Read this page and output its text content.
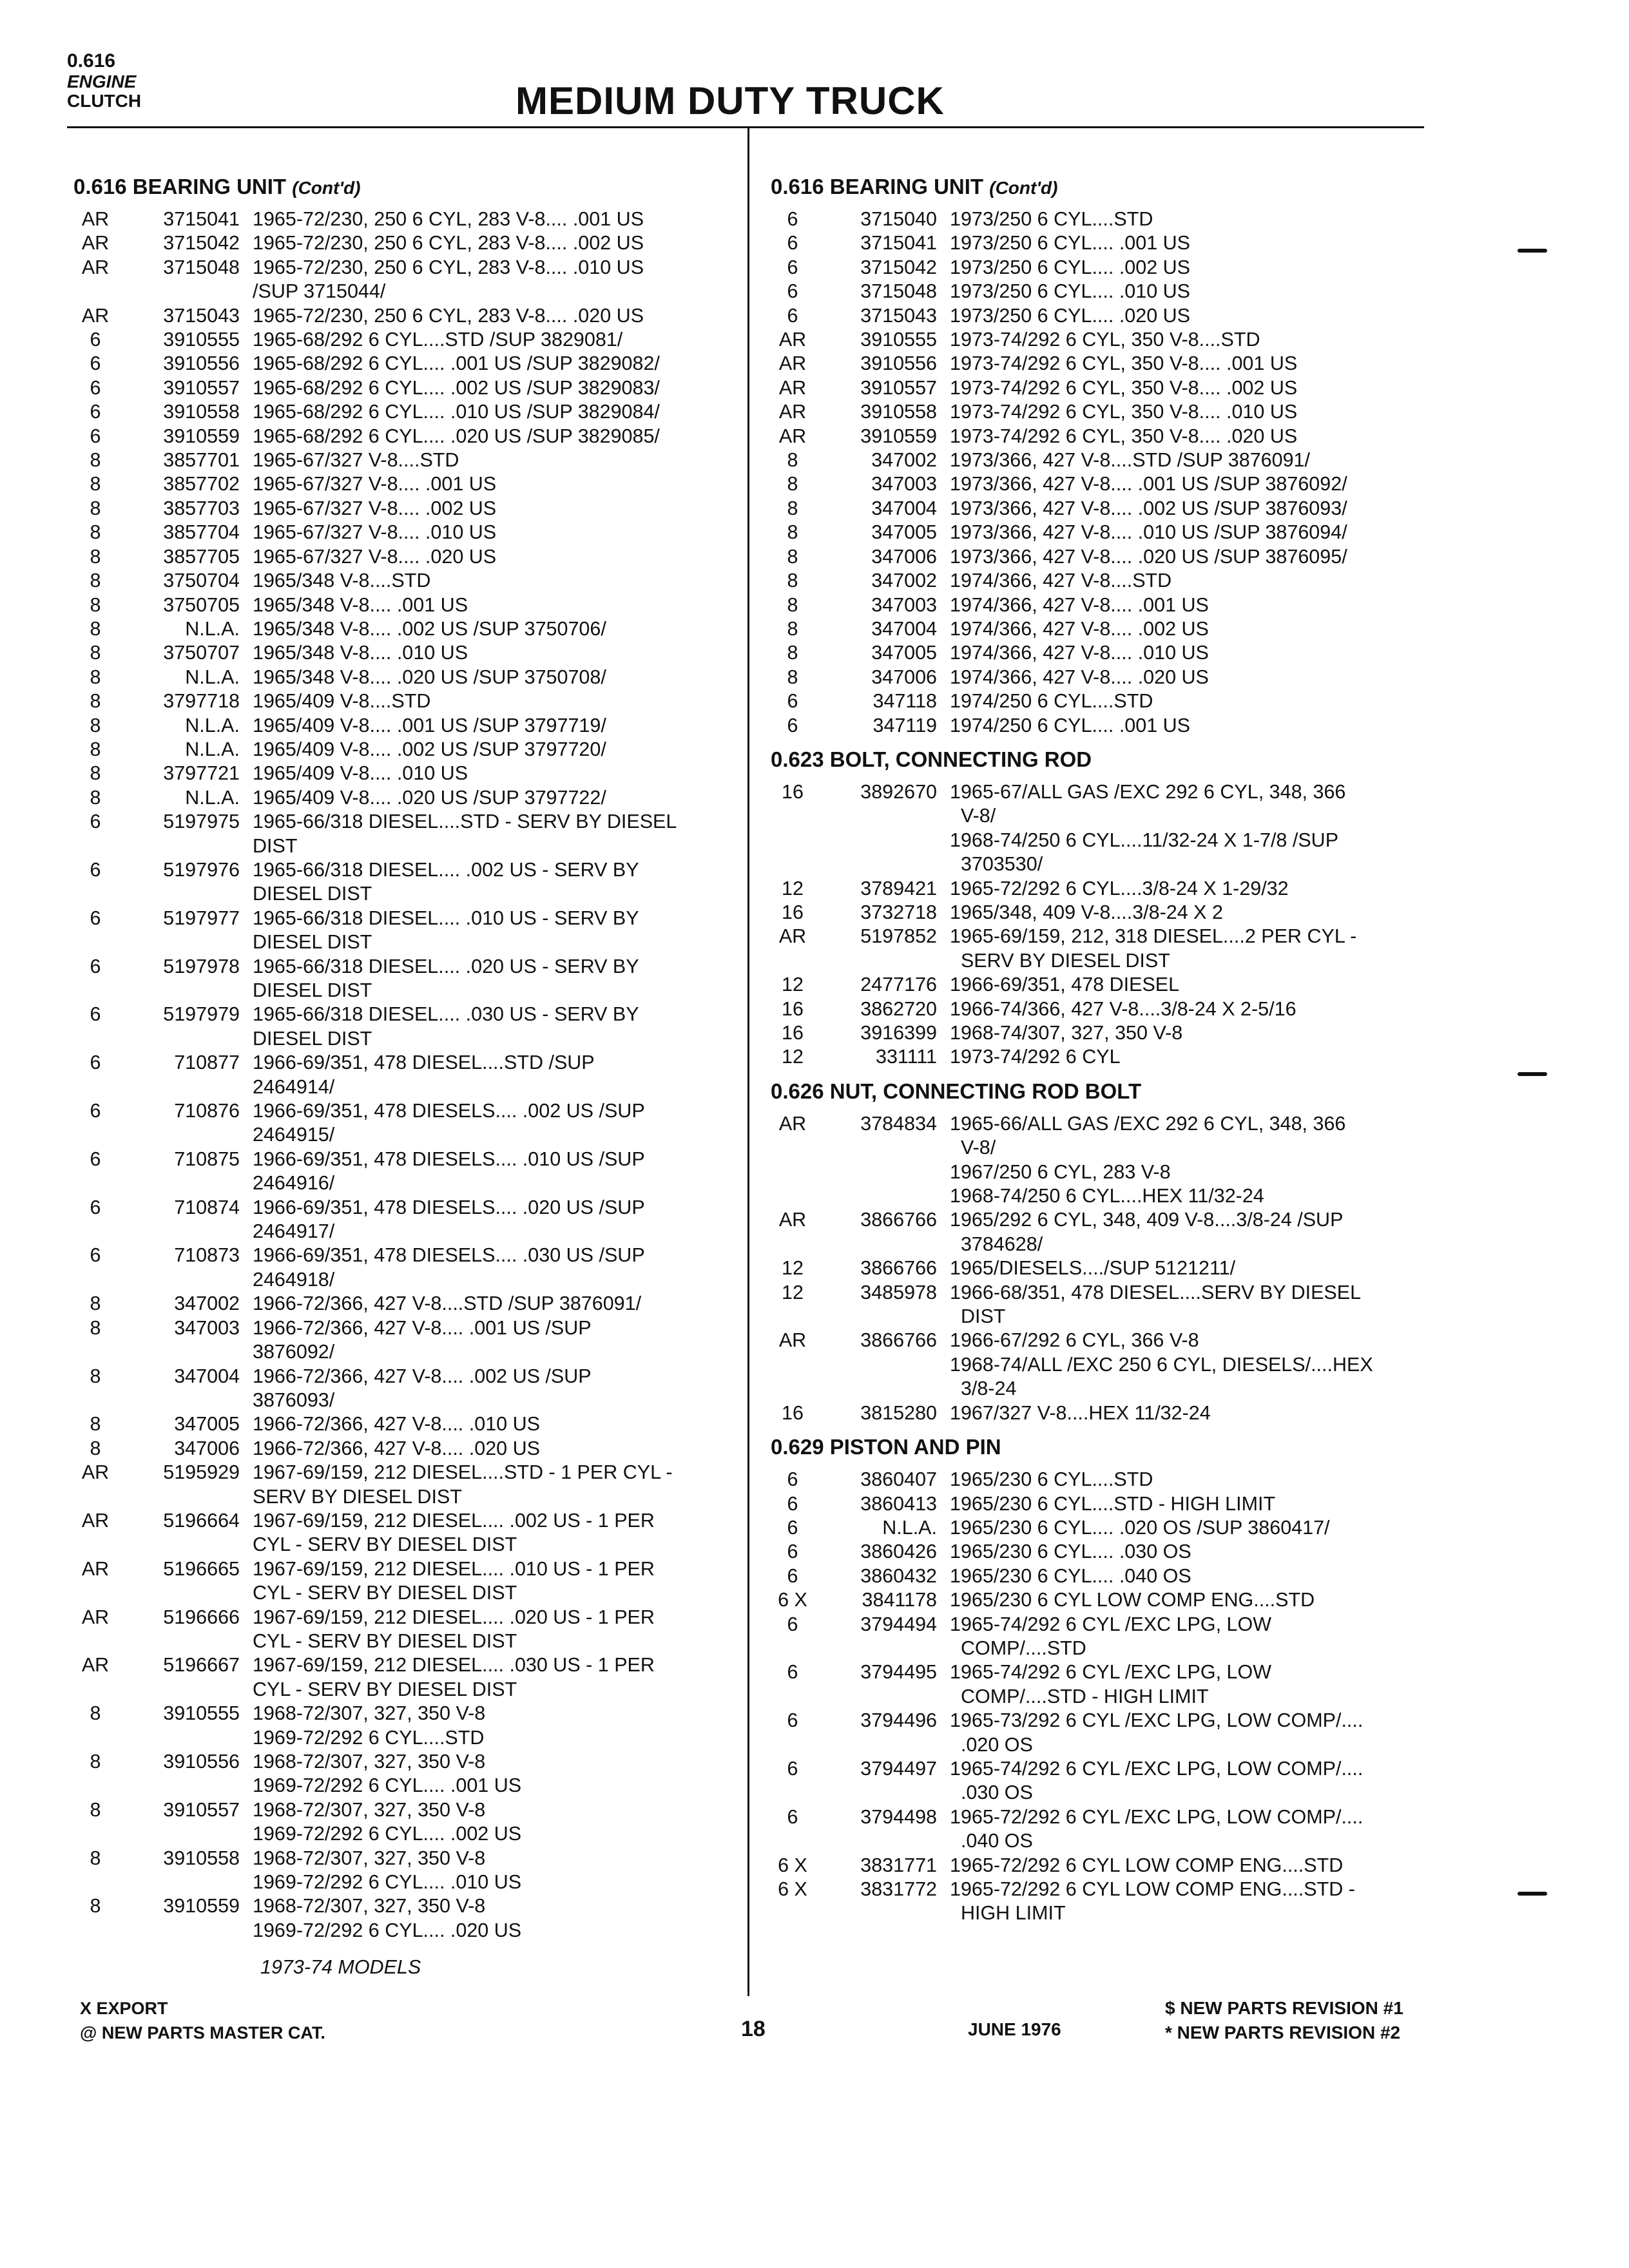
0.616
ENGINE
CLUTCH	MEDIUM DUTY TRUCK
0.616 BEARING UNIT (Cont'd)
AR	3715041 1965-72/230, 250 6 CYL, 283 V-8.... .001 US
AR	3715042 1965-72/230, 250 6 CYL, 283 V-8.... .002 US
AR	3715048 1965-72/230, 250 6 CYL, 283 V-8.... .010 US
/SUP 3715044/
AR	3715043 1965-72/230, 250 6 CYL, 283 V-8.... .020 US
6	3910555 1965-68/292 6 CYL....STD /SUP 3829081/
6	3910556 1965-68/292 6 CYL.... .001 US /SUP 3829082/
6	3910557 1965-68/292 6 CYL.... .002 US /SUP 3829083/
6	3910558 1965-68/292 6 CYL.... .010 US /SUP 3829084/
6	3910559 1965-68/292 6 CYL.... .020 US /SUP 3829085/
8	3857701 1965-67/327 V-8....STD
8	3857702 1965-67/327 V-8.... .001 US
8	3857703 1965-67/327 V-8.... .002 US
8	3857704 1965-67/327 V-8.... .010 US
8	3857705 1965-67/327 V-8.... .020 US
8	3750704 1965/348 V-8....STD
8	3750705 1965/348 V-8.... .001 US
8	N.L.A. 1965/348 V-8.... .002 US /SUP 3750706/
8	3750707 1965/348 V-8.... .010 US
8	N.L.A. 1965/348 V-8.... .020 US /SUP 3750708/
8	3797718 1965/409 V-8....STD
8	N.L.A. 1965/409 V-8.... .001 US /SUP 3797719/
8	N.L.A. 1965/409 V-8.... .002 US /SUP 3797720/
8	3797721 1965/409 V-8.... .010 US
8	N.L.A. 1965/409 V-8.... .020 US /SUP 3797722/
6	5197975 1965-66/318 DIESEL....STD - SERV BY DIESEL
DIST
6	5197976 1965-66/318 DIESEL.... .002 US - SERV BY
DIESEL DIST
6	5197977 1965-66/318 DIESEL.... .010 US - SERV BY
DIESEL DIST
6	5197978 1965-66/318 DIESEL.... .020 US - SERV BY
DIESEL DIST
6	5197979 1965-66/318 DIESEL.... .030 US - SERV BY
DIESEL DIST
6	710877 1966-69/351, 478 DIESEL....STD /SUP
2464914/
6	710876 1966-69/351, 478 DIESELS.... .002 US /SUP
2464915/
6	710875 1966-69/351, 478 DIESELS.... .010 US /SUP
2464916/
6	710874 1966-69/351, 478 DIESELS.... .020 US /SUP
2464917/
6	710873 1966-69/351, 478 DIESELS.... .030 US /SUP
2464918/
8	347002 1966-72/366, 427 V-8....STD /SUP 3876091/
8	347003 1966-72/366, 427 V-8.... .001 US /SUP
3876092/
8	347004 1966-72/366, 427 V-8.... .002 US /SUP
3876093/
8	347005 1966-72/366, 427 V-8.... .010 US
8	347006 1966-72/366, 427 V-8.... .020 US
AR	5195929 1967-69/159, 212 DIESEL....STD - 1 PER CYL -
SERV BY DIESEL DIST
AR	5196664 1967-69/159, 212 DIESEL.... .002 US - 1 PER
CYL - SERV BY DIESEL DIST
AR	5196665 1967-69/159, 212 DIESEL.... .010 US - 1 PER
CYL - SERV BY DIESEL DIST
AR	5196666 1967-69/159, 212 DIESEL.... .020 US - 1 PER
CYL - SERV BY DIESEL DIST
AR	5196667 1967-69/159, 212 DIESEL.... .030 US - 1 PER
CYL - SERV BY DIESEL DIST
8	3910555 1968-72/307, 327, 350 V-8
1969-72/292 6 CYL....STD
8	3910556 1968-72/307, 327, 350 V-8
1969-72/292 6 CYL.... .001 US
8	3910557 1968-72/307, 327, 350 V-8
1969-72/292 6 CYL.... .002 US
8	3910558 1968-72/307, 327, 350 V-8
1969-72/292 6 CYL.... .010 US
8	3910559 1968-72/307, 327, 350 V-8
1969-72/292 6 CYL.... .020 US
1973-74 MODELS
0.616 BEARING UNIT (Cont'd)
6	3715040 1973/250 6 CYL....STD
6	3715041 1973/250 6 CYL.... .001 US
6	3715042 1973/250 6 CYL.... .002 US
6	3715048 1973/250 6 CYL.... .010 US
6	3715043 1973/250 6 CYL.... .020 US
AR	3910555 1973-74/292 6 CYL, 350 V-8....STD
AR	3910556 1973-74/292 6 CYL, 350 V-8.... .001 US
AR	3910557 1973-74/292 6 CYL, 350 V-8.... .002 US
AR	3910558 1973-74/292 6 CYL, 350 V-8.... .010 US
AR	3910559 1973-74/292 6 CYL, 350 V-8.... .020 US
8	347002 1973/366, 427 V-8....STD /SUP 3876091/
8	347003 1973/366, 427 V-8.... .001 US /SUP 3876092/
8	347004 1973/366, 427 V-8.... .002 US /SUP 3876093/
8	347005 1973/366, 427 V-8.... .010 US /SUP 3876094/
8	347006 1973/366, 427 V-8.... .020 US /SUP 3876095/
8	347002 1974/366, 427 V-8....STD
8	347003 1974/366, 427 V-8.... .001 US
8	347004 1974/366, 427 V-8.... .002 US
8	347005 1974/366, 427 V-8.... .010 US
8	347006 1974/366, 427 V-8.... .020 US
6	347118 1974/250 6 CYL....STD
6	347119 1974/250 6 CYL.... .001 US
0.623 BOLT, CONNECTING ROD
16	3892670 1965-67/ALL GAS /EXC 292 6 CYL, 348, 366
V-8/
1968-74/250 6 CYL....11/32-24 X 1-7/8 /SUP
3703530/
12	3789421 1965-72/292 6 CYL....3/8-24 X 1-29/32
16	3732718 1965/348, 409 V-8....3/8-24 X 2
AR	5197852 1965-69/159, 212, 318 DIESEL....2 PER CYL -
SERV BY DIESEL DIST
12	2477176 1966-69/351, 478 DIESEL
16	3862720 1966-74/366, 427 V-8....3/8-24 X 2-5/16
16	3916399 1968-74/307, 327, 350 V-8
12	331111 1973-74/292 6 CYL
0.626 NUT, CONNECTING ROD BOLT
AR	3784834 1965-66/ALL GAS /EXC 292 6 CYL, 348, 366
V-8/
1967/250 6 CYL, 283 V-8
1968-74/250 6 CYL....HEX 11/32-24
AR	3866766 1965/292 6 CYL, 348, 409 V-8....3/8-24 /SUP
3784628/
12	3866766 1965/DIESELS..../SUP 5121211/
12	3485978 1966-68/351, 478 DIESEL....SERV BY DIESEL
DIST
AR	3866766 1966-67/292 6 CYL, 366 V-8
1968-74/ALL /EXC 250 6 CYL, DIESELS/....HEX
3/8-24
16	3815280 1967/327 V-8....HEX 11/32-24
0.629 PISTON AND PIN
6	3860407 1965/230 6 CYL....STD
6	3860413 1965/230 6 CYL....STD - HIGH LIMIT
6	N.L.A. 1965/230 6 CYL.... .020 OS /SUP 3860417/
6	3860426 1965/230 6 CYL.... .030 OS
6	3860432 1965/230 6 CYL.... .040 OS
6 X	3841178 1965/230 6 CYL LOW COMP ENG....STD
6	3794494 1965-74/292 6 CYL /EXC LPG, LOW
COMP/....STD
6	3794495 1965-74/292 6 CYL /EXC LPG, LOW
COMP/....STD - HIGH LIMIT
6	3794496 1965-73/292 6 CYL /EXC LPG, LOW COMP/....
.020 OS
6	3794497 1965-74/292 6 CYL /EXC LPG, LOW COMP/....
.030 OS
6	3794498 1965-72/292 6 CYL /EXC LPG, LOW COMP/....
.040 OS
6 X	3831771 1965-72/292 6 CYL LOW COMP ENG....STD
6 X	3831772 1965-72/292 6 CYL LOW COMP ENG....STD -
HIGH LIMIT
X EXPORT
@ NEW PARTS MASTER CAT.	18	JUNE 1976
$ NEW PARTS REVISION #1
* NEW PARTS REVISION #2
